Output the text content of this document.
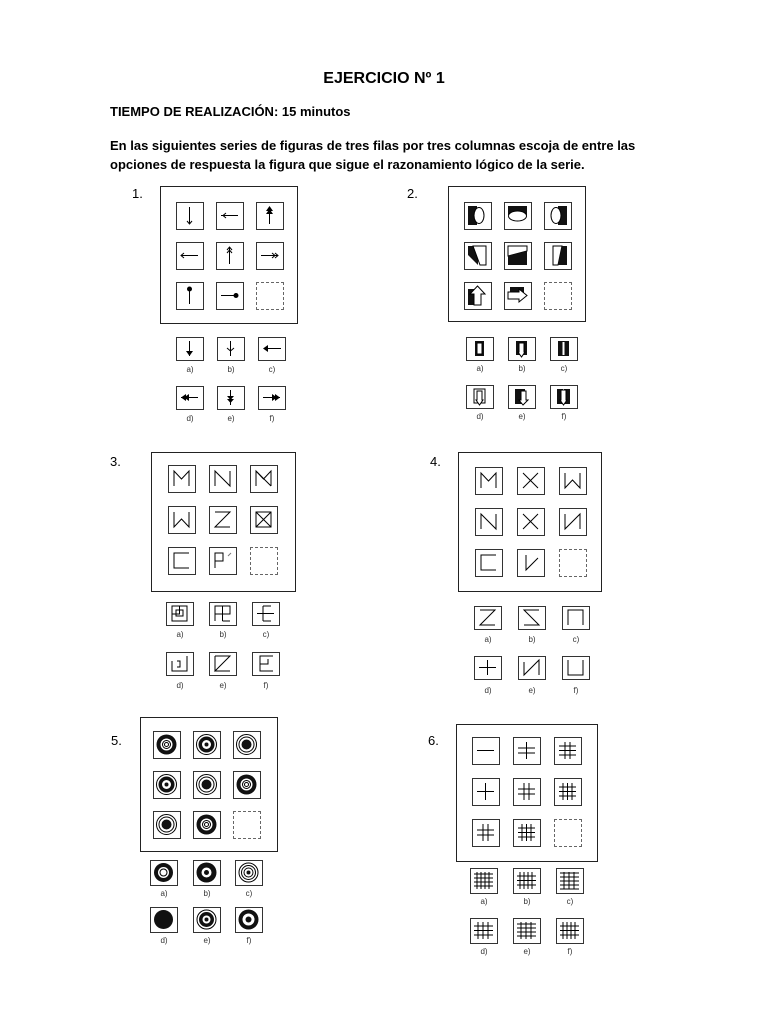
EJERCICIO Nº 1
TIEMPO DE REALIZACIÓN: 15 minutos
En las siguientes series de figuras de tres filas por tres columnas escoja de entre las opciones de respuesta la figura que sigue el razonamiento lógico de la serie.
1.
a)	b)	c)
d)	e)	f)
2.
a)	b)	c)
d)	e)	f)
3.
a)	b)	c)
d)	e)	f)
4.
a)	b)	c)
d)	e)	f)
5.
a)	b)	c)
d)	e)	f)
6.
a)	b)	c)
d)	e)	f)
